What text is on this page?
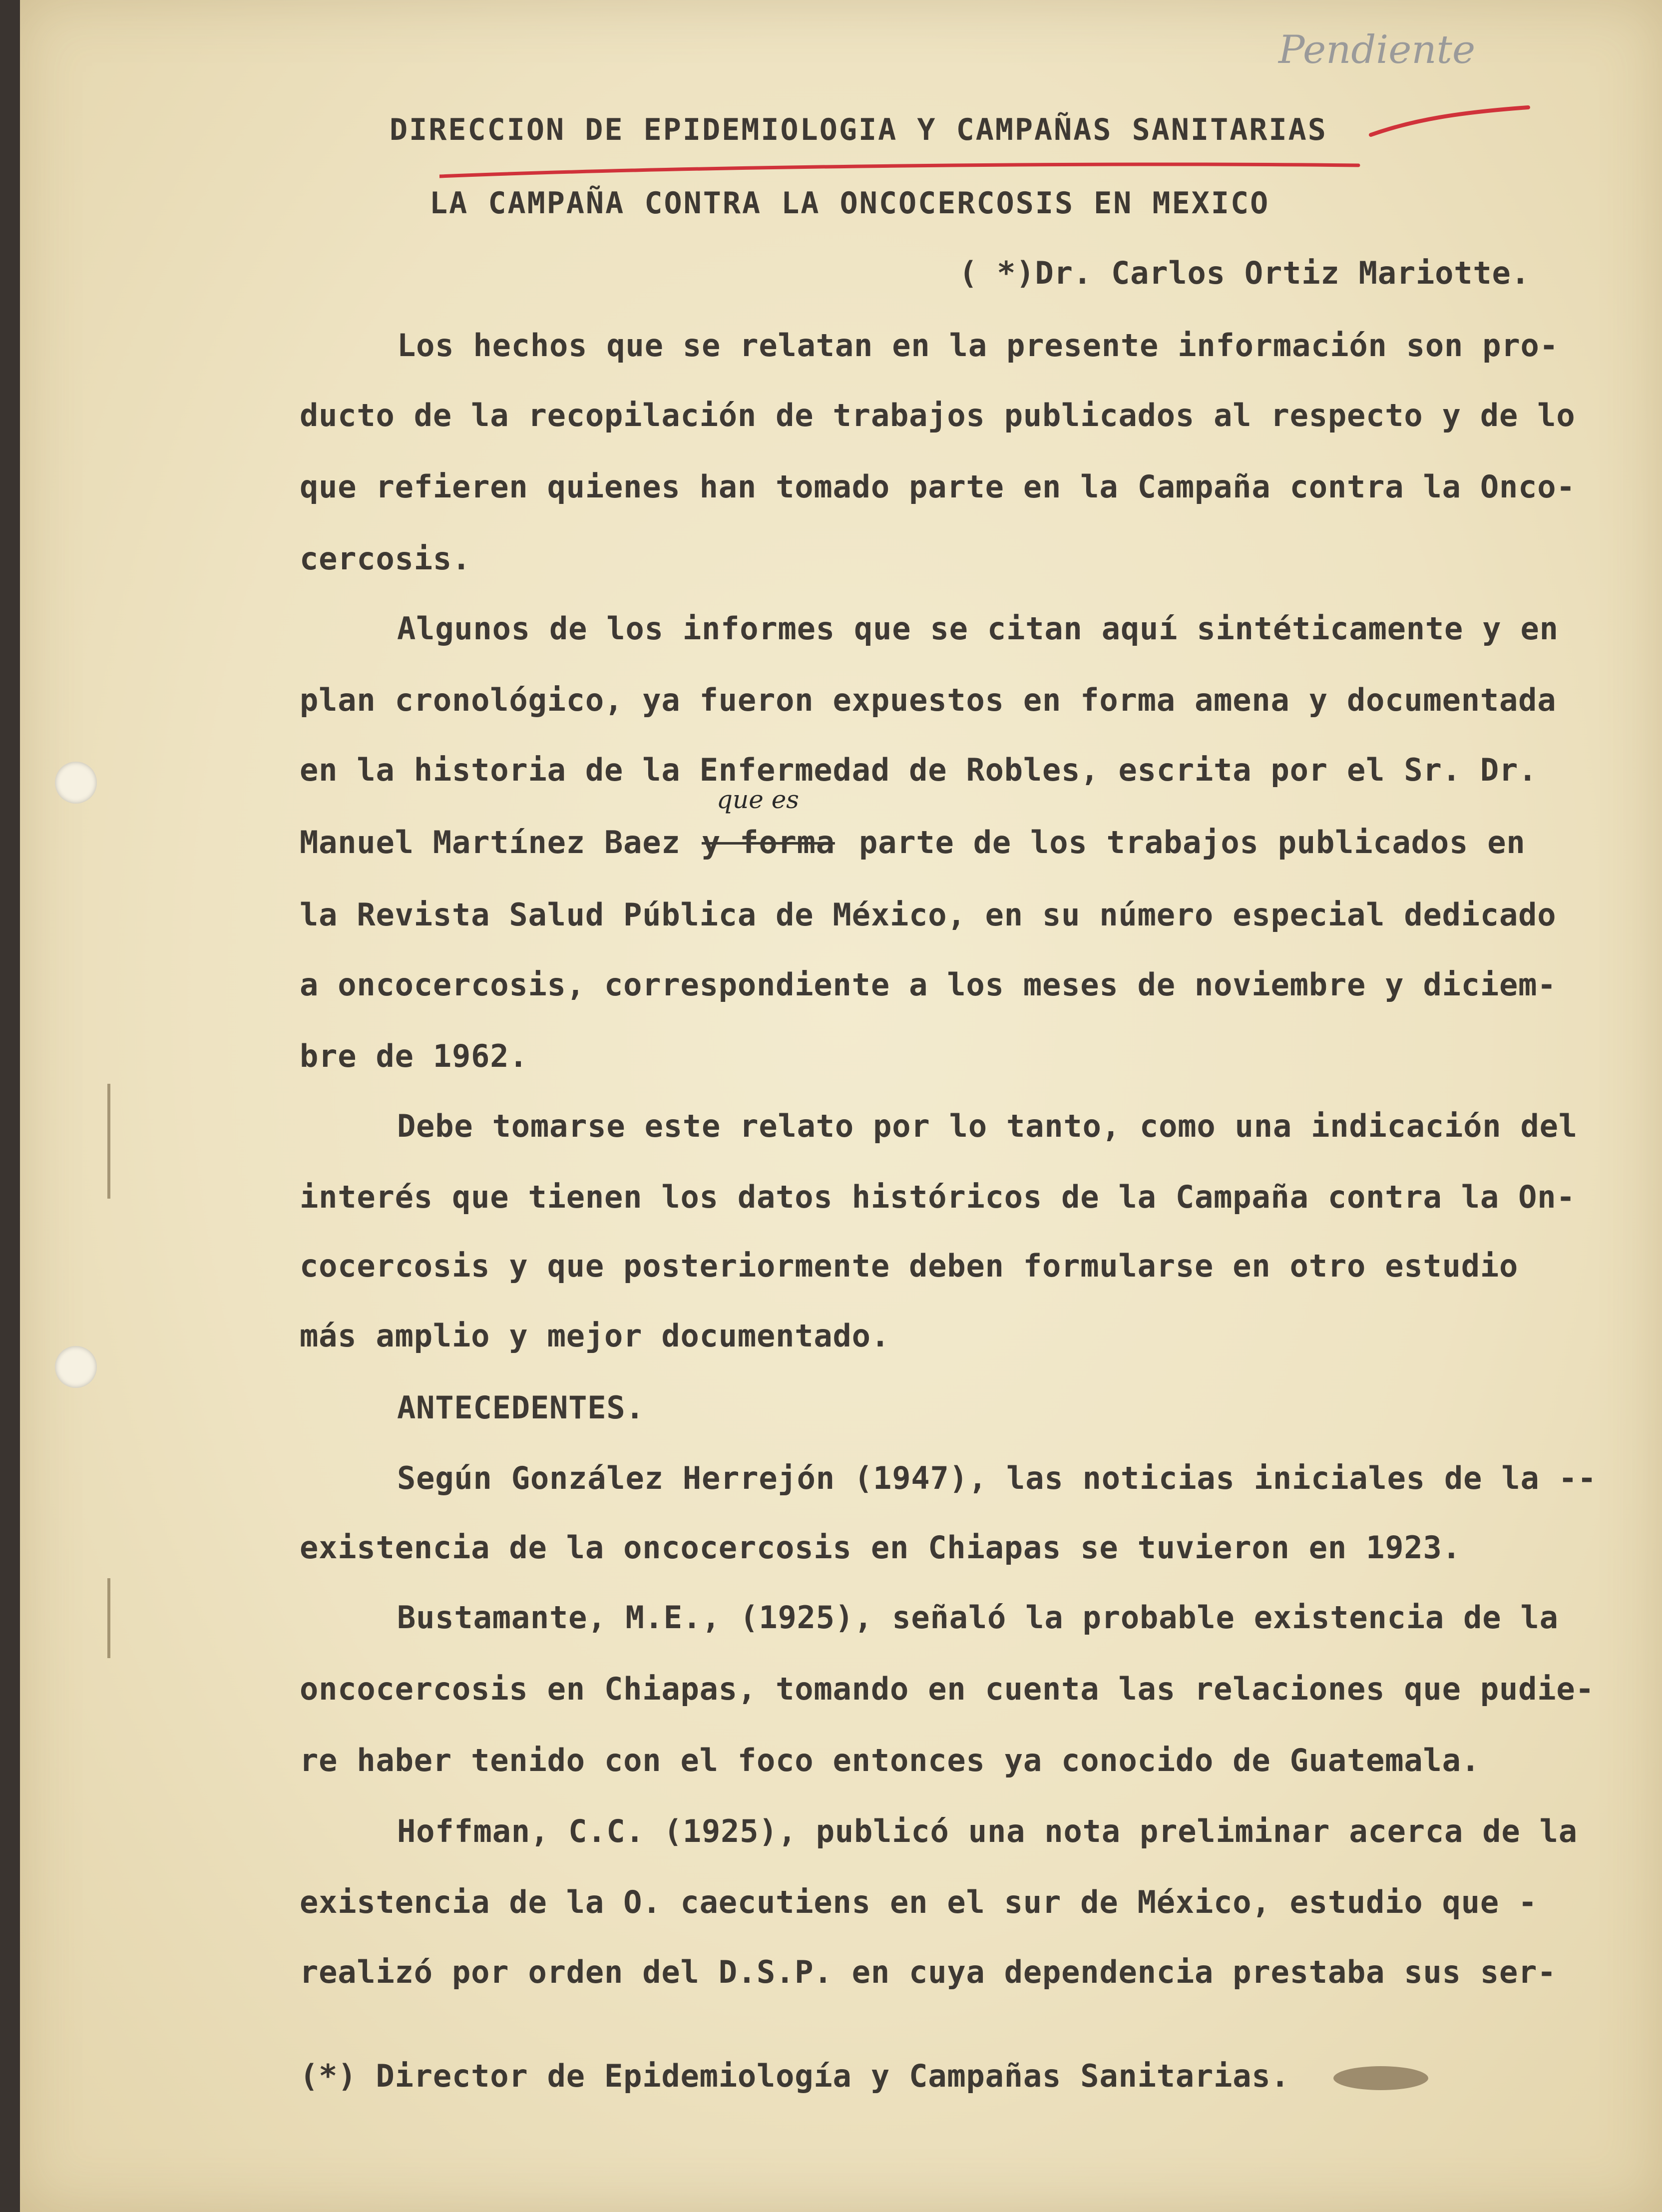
Pendiente
DIRECCION DE EPIDEMIOLOGIA Y CAMPAÑAS SANITARIAS
LA CAMPAÑA CONTRA LA ONCOCERCOSIS EN MEXICO
( *)Dr. Carlos Ortiz Mariotte.
Los hechos que se relatan en la presente información son pro-
ducto de la recopilación de trabajos publicados al respecto y de lo
que refieren quienes han tomado parte en la Campaña contra la Onco-
cercosis.
Algunos de los informes que se citan aquí sintéticamente y en
plan cronológico, ya fueron expuestos en forma amena y documentada
en la historia de la Enfermedad de Robles, escrita por el Sr. Dr.
Manuel Martínez Baez y forma
que es
parte de los trabajos publicados en
la Revista Salud Pública de México, en su número especial dedicado
a oncocercosis, correspondiente a los meses de noviembre y diciem-
bre de 1962.
Debe tomarse este relato por lo tanto, como una indicación del
interés que tienen los datos históricos de la Campaña contra la On-
cocercosis y que posteriormente deben formularse en otro estudio
más amplio y mejor documentado.
ANTECEDENTES.
Según González Herrejón (1947), las noticias iniciales de la --
existencia de la oncocercosis en Chiapas se tuvieron en 1923.
Bustamante, M.E., (1925), señaló la probable existencia de la
oncocercosis en Chiapas, tomando en cuenta las relaciones que pudie-
re haber tenido con el foco entonces ya conocido de Guatemala.
Hoffman, C.C. (1925), publicó una nota preliminar acerca de la
existencia de la O. caecutiens en el sur de México, estudio que -
realizó por orden del D.S.P. en cuya dependencia prestaba sus ser-
(*) Director de Epidemiología y Campañas Sanitarias.
